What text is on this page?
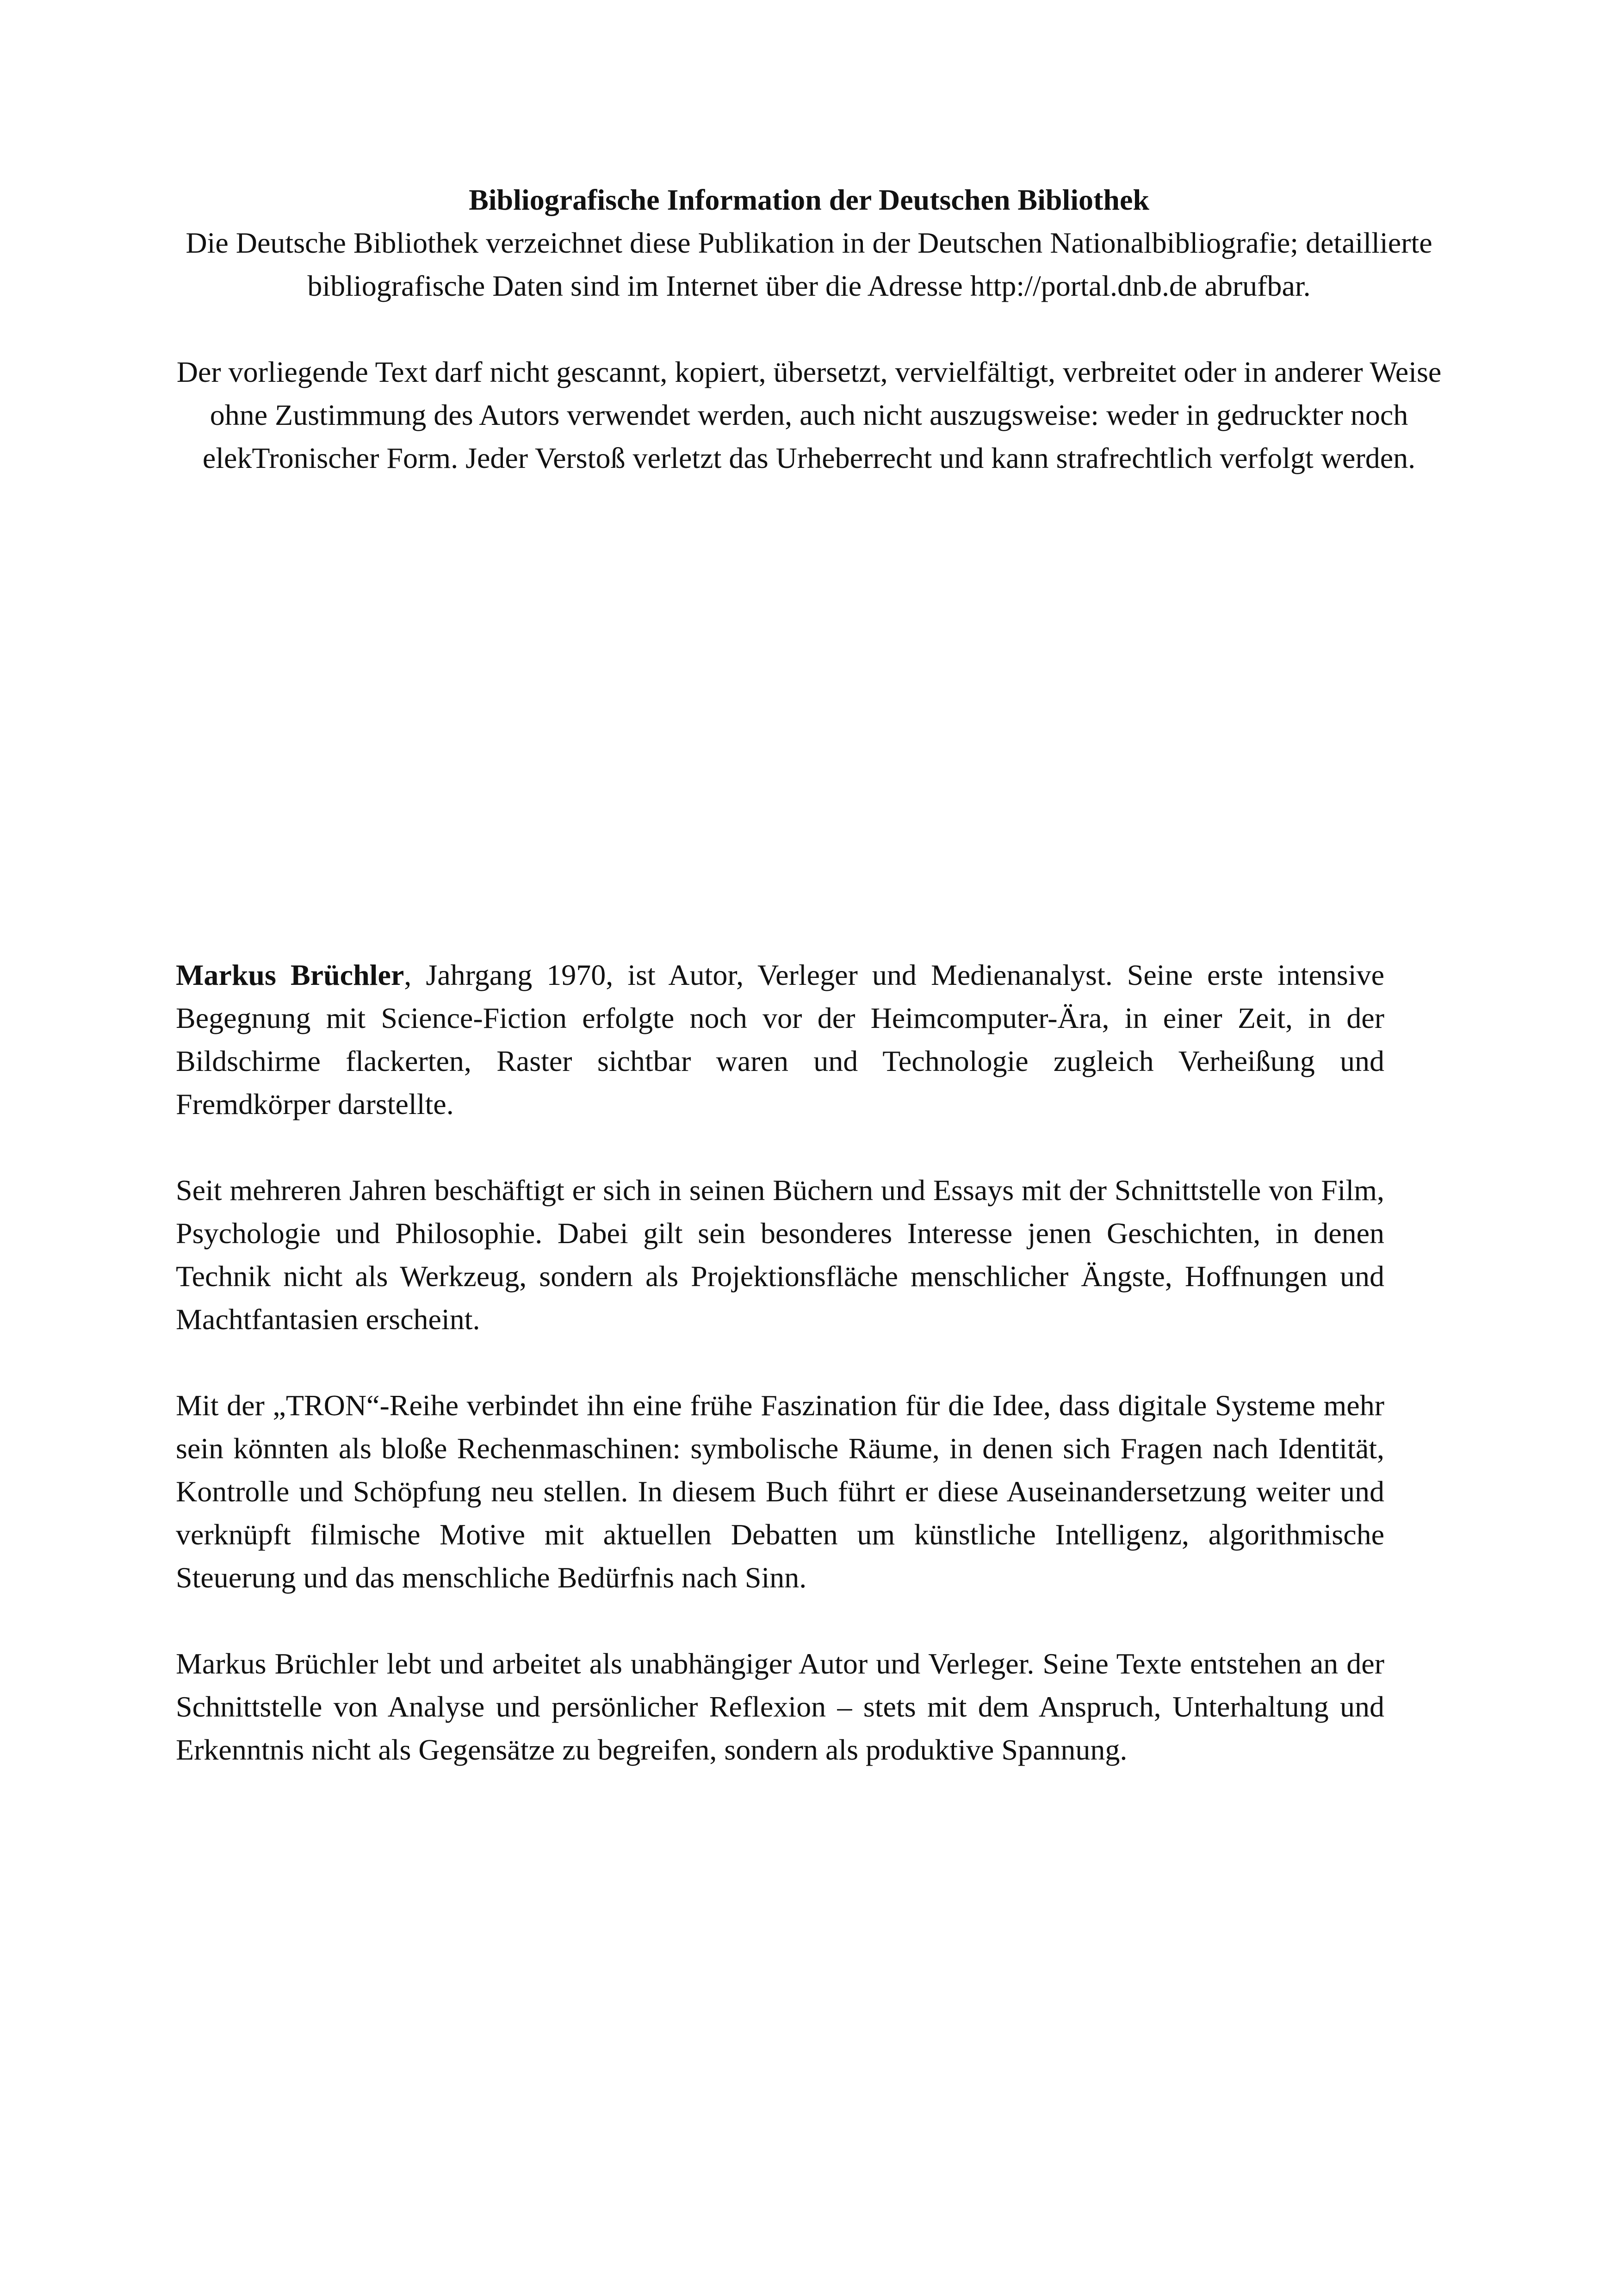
Bibliografische Information der Deutschen Bibliothek

Die Deutsche Bibliothek verzeichnet diese Publikation in der Deutschen Nationalbibliografie; detaillierte bibliografische Daten sind im Internet über die Adresse http://portal.dnb.de abrufbar.

Der vorliegende Text darf nicht gescannt, kopiert, übersetzt, vervielfältigt, verbreitet oder in anderer Weise ohne Zustimmung des Autors verwendet werden, auch nicht auszugsweise: weder in gedruckter noch elekTronischer Form. Jeder Verstoß verletzt das Urheberrecht und kann strafrechtlich verfolgt werden.

Markus Brüchler, Jahrgang 1970, ist Autor, Verleger und Medienanalyst. Seine erste intensive Begegnung mit Science-Fiction erfolgte noch vor der Heimcomputer-Ära, in einer Zeit, in der Bildschirme flackerten, Raster sichtbar waren und Technologie zugleich Verheißung und Fremdkörper darstellte.

Seit mehreren Jahren beschäftigt er sich in seinen Büchern und Essays mit der Schnittstelle von Film, Psychologie und Philosophie. Dabei gilt sein besonderes Interesse jenen Geschichten, in denen Technik nicht als Werkzeug, sondern als Projektionsfläche menschlicher Ängste, Hoffnungen und Machtfantasien erscheint.

Mit der „TRON“-Reihe verbindet ihn eine frühe Faszination für die Idee, dass digitale Systeme mehr sein könnten als bloße Rechenmaschinen: symbolische Räume, in denen sich Fragen nach Identität, Kontrolle und Schöpfung neu stellen. In diesem Buch führt er diese Auseinandersetzung weiter und verknüpft filmische Motive mit aktuellen Debatten um künstliche Intelligenz, algorithmische Steuerung und das menschliche Bedürfnis nach Sinn.

Markus Brüchler lebt und arbeitet als unabhängiger Autor und Verleger. Seine Texte entstehen an der Schnittstelle von Analyse und persönlicher Reflexion – stets mit dem Anspruch, Unterhaltung und Erkenntnis nicht als Gegensätze zu begreifen, sondern als produktive Spannung.
